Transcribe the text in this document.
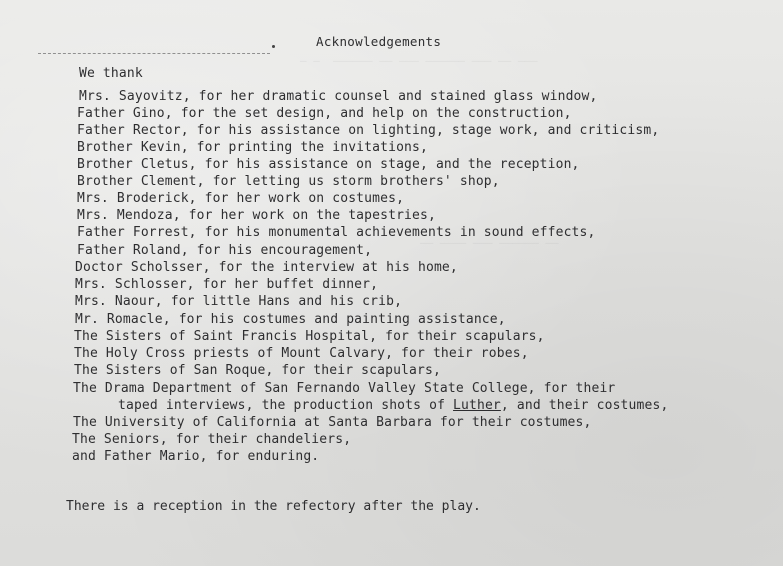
_ _  ______ __ ___ ______ ___ __ ___
__ ____ ___ ______ __
Acknowledgements
We thank
Mrs. Sayovitz, for her dramatic counsel and stained glass window,
Father Gino, for the set design, and help on the construction,
Father Rector, for his assistance on lighting, stage work, and criticism,
Brother Kevin, for printing the invitations,
Brother Cletus, for his assistance on stage, and the reception,
Brother Clement, for letting us storm brothers' shop,
Mrs. Broderick, for her work on costumes,
Mrs. Mendoza, for her work on the tapestries,
Father Forrest, for his monumental achievements in sound effects,
Father Roland, for his encouragement,
Doctor Scholsser, for the interview at his home,
Mrs. Schlosser, for her buffet dinner,
Mrs. Naour, for little Hans and his crib,
Mr. Romacle, for his costumes and painting assistance,
The Sisters of Saint Francis Hospital, for their scapulars,
The Holy Cross priests of Mount Calvary, for their robes,
The Sisters of San Roque, for their scapulars,
The Drama Department of San Fernando Valley State College, for their
taped interviews, the production shots of Luther, and their costumes,
The University of California at Santa Barbara for their costumes,
The Seniors, for their chandeliers,
and Father Mario, for enduring.
There is a reception in the refectory after the play.
